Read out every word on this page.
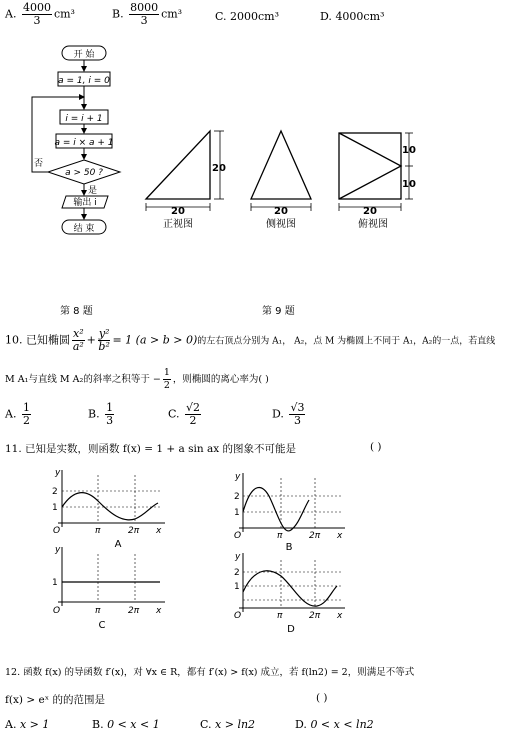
A. $\frac{4000}{3} cm^3$	B. $\frac{8000}{3} cm^3$	C. 2000cm³	D. 4000cm³
开 始
a = 1, i = 0
i = i + 1
a = i × a + 1
a > 50 ?
是
否
输出 i
结 束
20
20
正视图
20
侧视图
20
10
10
俯视图
第 8 题	第 9 题
10. 已知椭圆 $\frac{\text{x²}}{\text{a²}} + \frac{\text{y²}}{\text{b²}} = 1$ (a > b > 0)的左右顶点分别为 A₁， A₂，点 M 为椭圆上不同于 A₁，A₂的一点，若直线
M A₁与直线 M A₂的斜率之积等于 − $\frac{1}{2}$ ，则椭圆的离心率为( )
A. $\frac{1}{2}$	B. $\frac{1}{3}$	C. $\frac{√2}{2}$	D. $\frac{√3}{3}$
11. 已知是实数，则函数 f(x) = 1 + a sin ax 的图象不可能是	( )
y
2
1
O	π	2π x
A
y
2
1
O	π	2π x
B
y
1
O	π	2π x
C
y
2
1
O	π	2π x
D
12. 函数 f(x) 的导函数 f′(x)，对 ∀x ∈ R，都有 f′(x) > f(x) 成立，若 f(ln2) = 2，则满足不等式
f(x) > eˣ 的的范围是	( )
A. x > 1	B. 0 < x < 1	C. x > ln2	D. 0 < x < ln2
